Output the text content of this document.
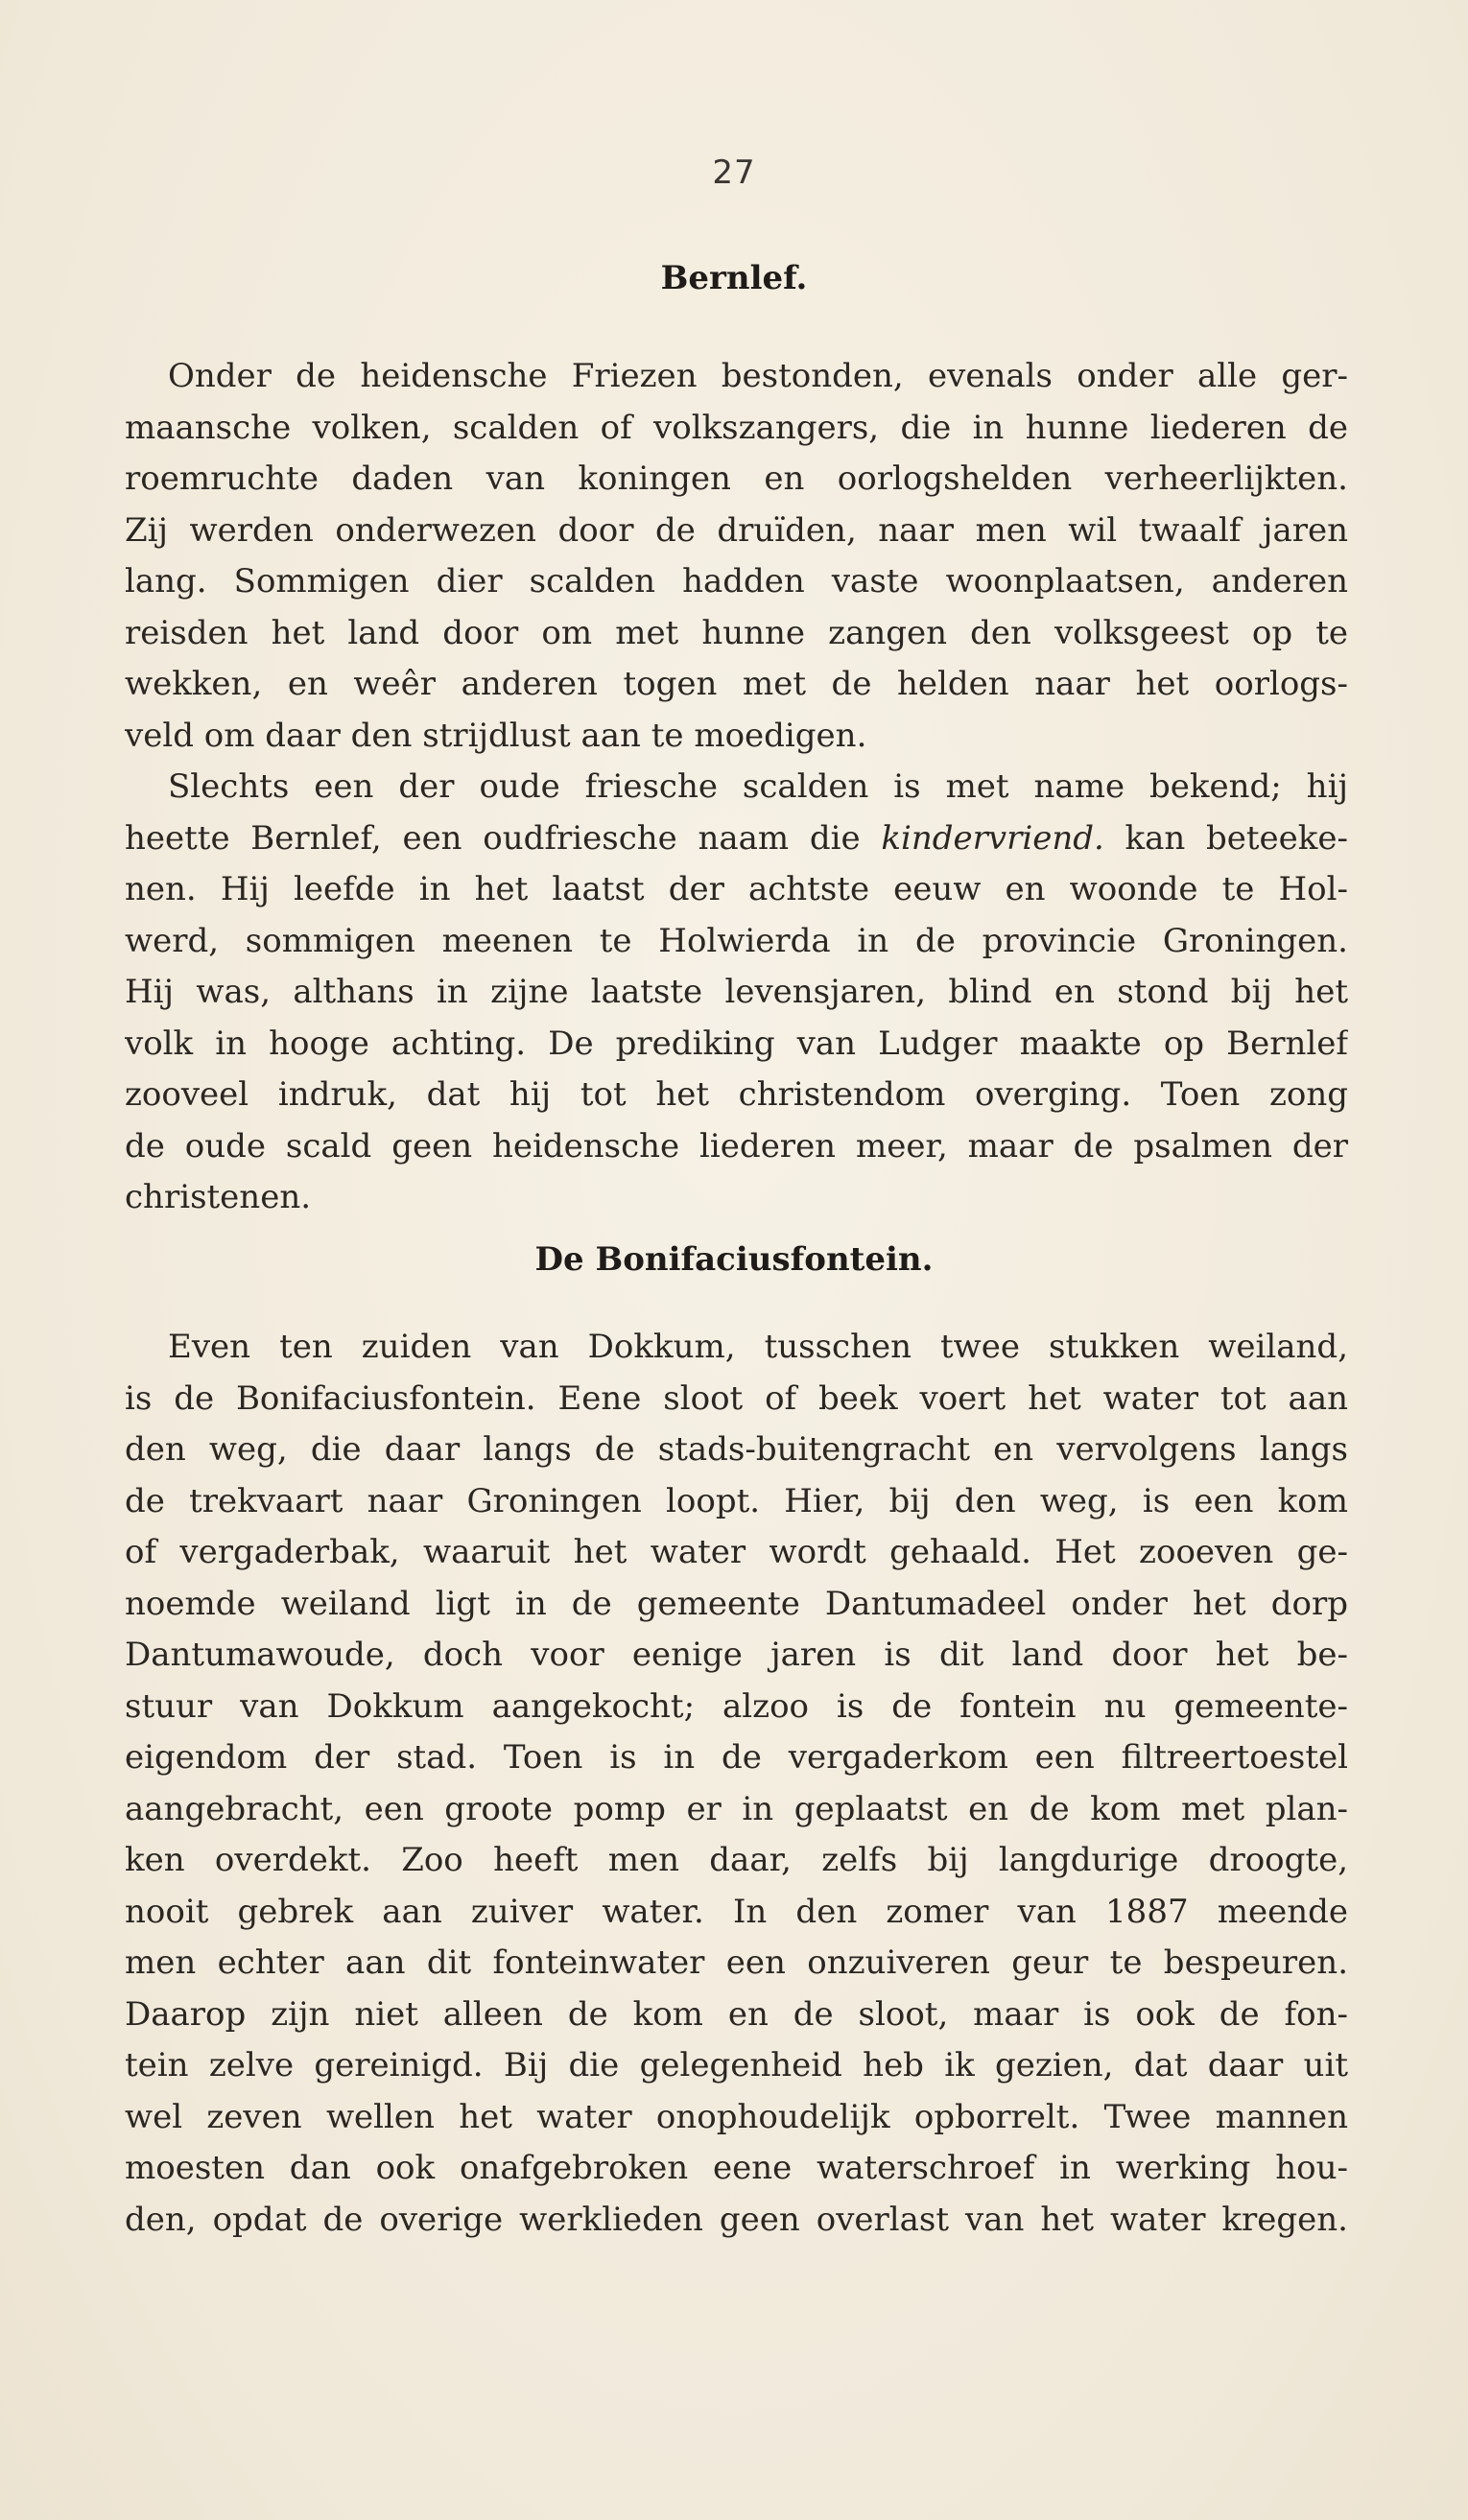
27
Bernlef.

Onder de heidensche Friezen bestonden, evenals onder alle ger-
maansche volken, scalden of volkszangers, die in hunne liederen de
roemruchte daden van koningen en oorlogshelden verheerlijkten.
Zij werden onderwezen door de druïden, naar men wil twaalf jaren
lang. Sommigen dier scalden hadden vaste woonplaatsen, anderen
reisden het land door om met hunne zangen den volksgeest op te
wekken, en weêr anderen togen met de helden naar het oorlogs-
veld om daar den strijdlust aan te moedigen.

Slechts een der oude friesche scalden is met name bekend; hij
heette Bernlef, een oudfriesche naam die kindervriend. kan beteeke-
nen. Hij leefde in het laatst der achtste eeuw en woonde te Hol-
werd, sommigen meenen te Holwierda in de provincie Groningen.
Hij was, althans in zijne laatste levensjaren, blind en stond bij het
volk in hooge achting. De prediking van Ludger maakte op Bernlef
zooveel indruk, dat hij tot het christendom overging. Toen zong
de oude scald geen heidensche liederen meer, maar de psalmen der
christenen.

De Bonifaciusfontein.

Even ten zuiden van Dokkum, tusschen twee stukken weiland,
is de Bonifaciusfontein. Eene sloot of beek voert het water tot aan
den weg, die daar langs de stads-buitengracht en vervolgens langs
de trekvaart naar Groningen loopt. Hier, bij den weg, is een kom
of vergaderbak, waaruit het water wordt gehaald. Het zooeven ge-
noemde weiland ligt in de gemeente Dantumadeel onder het dorp
Dantumawoude, doch voor eenige jaren is dit land door het be-
stuur van Dokkum aangekocht; alzoo is de fontein nu gemeente-
eigendom der stad. Toen is in de vergaderkom een filtreertoestel
aangebracht, een groote pomp er in geplaatst en de kom met plan-
ken overdekt. Zoo heeft men daar, zelfs bij langdurige droogte,
nooit gebrek aan zuiver water. In den zomer van 1887 meende
men echter aan dit fonteinwater een onzuiveren geur te bespeuren.
Daarop zijn niet alleen de kom en de sloot, maar is ook de fon-
tein zelve gereinigd. Bij die gelegenheid heb ik gezien, dat daar uit
wel zeven wellen het water onophoudelijk opborrelt. Twee mannen
moesten dan ook onafgebroken eene waterschroef in werking hou-
den, opdat de overige werklieden geen overlast van het water kregen.
